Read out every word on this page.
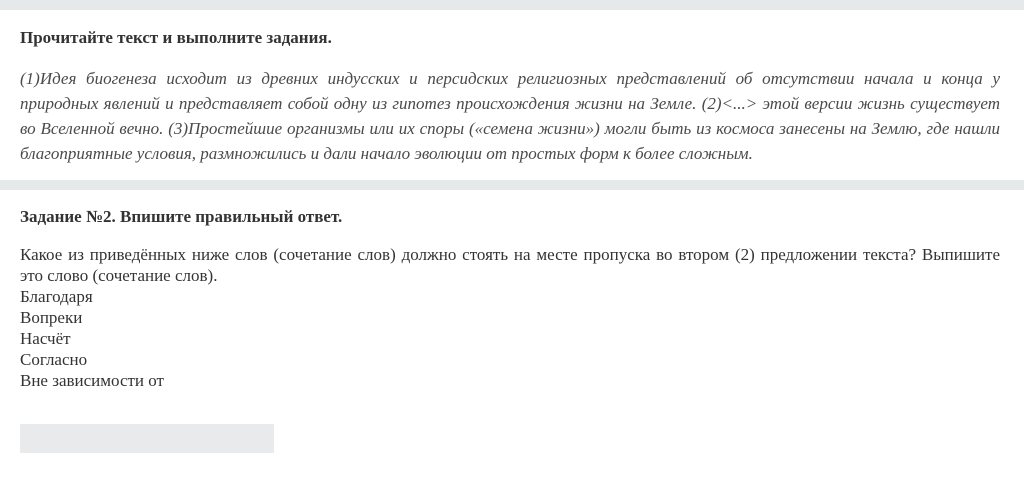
Прочитайте текст и выполните задания.

(1)Идея биогенеза исходит из древних индусских и персидских религиозных представлений об отсутствии начала и конца у природных явлений и представляет собой одну из гипотез происхождения жизни на Земле. (2)<...> этой версии жизнь существует во Вселенной вечно. (3)Простейшие организмы или их споры («семена жизни») могли быть из космоса занесены на Землю, где нашли благоприятные условия, размножились и дали начало эволюции от простых форм к более сложным.

Задание №2. Впишите правильный ответ.

Какое из приведённых ниже слов (сочетание слов) должно стоять на месте пропуска во втором (2) предложении текста? Выпишите это слово (сочетание слов).

Благодаря
Вопреки
Насчёт
Согласно
Вне зависимости от
